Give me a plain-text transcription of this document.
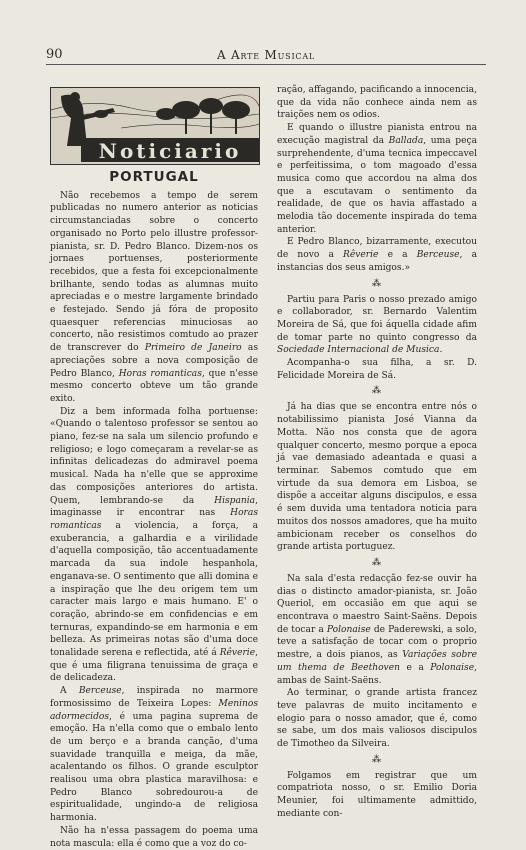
90	A Arte Musical
Noticiario
PORTUGAL

Não recebemos a tempo de serem publicadas no numero anterior as noticias circumstanciadas sobre o concerto organisado no Porto pelo illustre professor-pianista, sr. D. Pedro Blanco. Dizem-nos os jornaes portuenses, posteriormente recebidos, que a festa foi excepcionalmente brilhante, sendo todas as alumnas muito apreciadas e o mestre largamente brindado e festejado. Sendo já fóra de proposito quaesquer referencias minuciosas ao concerto, não resistimos comtudo ao prazer de transcrever do Primeiro de Janeiro as apreciações sobre a nova composição de Pedro Blanco, Horas romanticas, que n'esse mesmo concerto obteve um tão grande exito.

Diz a bem informada folha portuense: «Quando o talentoso professor se sentou ao piano, fez-se na sala um silencio profundo e religioso; e logo começaram a revelar-se as infinitas delicadezas do admiravel poema musical. Nada ha n'elle que se approxime das composições anteriores do artista. Quem, lembrando-se da Hispania, imaginasse ir encontrar nas Horas romanticas a violencia, a força, a exuberancia, a galhardia e a virilidade d'aquella composição, tão accentuadamente marcada da sua indole hespanhola, enganava-se. O sentimento que alli domina e a inspiração que lhe deu origem tem um caracter mais largo e mais humano. E' o coração, abrindo-se em confidencias e em ternuras, expandindo-se em harmonia e em belleza. As primeiras notas são d'uma doce tonalidade serena e reflectida, até á Rêverie, que é uma filigrana tenuissima de graça e de delicadeza.

A Berceuse, inspirada no marmore formosissimo de Teixeira Lopes: Meninos adormecidos, é uma pagina suprema de emoção. Ha n'ella como que o embalo lento de um berço e a branda canção, d'uma suavidade tranquilla e meiga, da mãe, acalentando os filhos. O grande esculptor realisou uma obra plastica maravilhosa: e Pedro Blanco sobredourou-a de espiritualidade, ungindo-a de religiosa harmonia.

Não ha n'essa passagem do poema uma nota mascula: ella é como que a voz do co-

ração, affagando, pacificando a innocencia, que da vida não conhece ainda nem as traições nem os odios.

E quando o illustre pianista entrou na execução magistral da Ballada, uma peça surprehendente, d'uma tecnica impeccavel e perfeitissima, o tom magoado d'essa musica como que accordou na alma dos que a escutavam o sentimento da realidade, de que os havia affastado a melodia tão docemente inspirada do tema anterior.

E Pedro Blanco, bizarramente, executou de novo a Rêverie e a Berceuse, a instancias dos seus amigos.»

⁂

Partiu para Paris o nosso prezado amigo e collaborador, sr. Bernardo Valentim Moreira de Sá, que foi áquella cidade afim de tomar parte no quinto congresso da Sociedade Internacional de Musica.

Acompanha-o sua filha, a sr. D. Felicidade Moreira de Sá.

⁂

Já ha dias que se encontra entre nós o notabilissimo pianista José Vianna da Motta. Não nos consta que de agora qualquer concerto, mesmo porque a epoca já vae demasiado adeantada e quasi a terminar. Sabemos comtudo que em virtude da sua demora em Lisboa, se dispõe a acceitar alguns discipulos, e essa é sem duvida uma tentadora noticia para muitos dos nossos amadores, que ha muito ambicionam receber os conselhos do grande artista portuguez.

⁂

Na sala d'esta redacção fez-se ouvir ha dias o distincto amador-pianista, sr. João Queriol, em occasião em que aqui se encontrava o maestro Saint-Saëns. Depois de tocar a Polonaise de Paderewski, a solo, teve a satisfação de tocar com o proprio mestre, a dois pianos, as Variações sobre um thema de Beethoven e a Polonaise, ambas de Saint-Saëns.

Ao terminar, o grande artista francez teve palavras de muito incitamento e elogio para o nosso amador, que é, como se sabe, um dos mais valiosos discipulos de Timotheo da Silveira.

⁂

Folgamos em registrar que um compatriota nosso, o sr. Emilio Doria Meunier, foi ultimamente admittido, mediante con-
